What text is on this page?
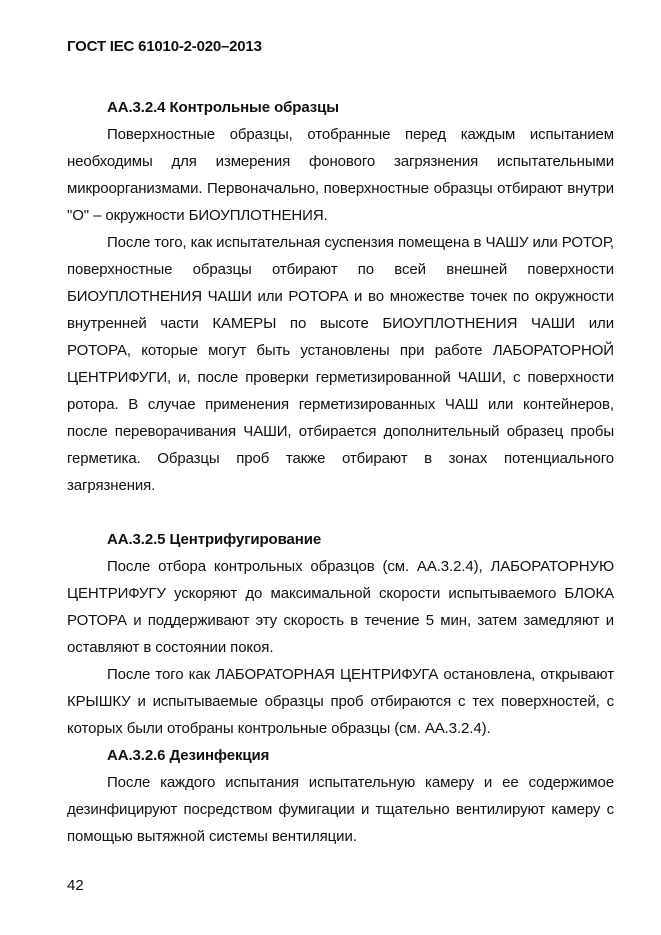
ГОСТ IEC 61010-2-020–2013

АА.3.2.4 Контрольные образцы

Поверхностные образцы, отобранные перед каждым испытанием необходимы для измерения фонового загрязнения испытательными микроорганизмами. Первоначально, поверхностные образцы отбирают внутри "О" – окружности БИОУПЛОТНЕНИЯ.

После того, как испытательная суспензия помещена в ЧАШУ или РОТОР, поверхностные образцы отбирают по всей внешней поверхности БИОУПЛОТНЕНИЯ ЧАШИ или РОТОРА и во множестве точек по окружности внутренней части КАМЕРЫ по высоте БИОУПЛОТНЕНИЯ ЧАШИ или РОТОРА, которые могут быть установлены при работе ЛАБОРАТОРНОЙ ЦЕНТРИФУГИ, и, после проверки герметизированной ЧАШИ, с поверхности ротора. В случае применения герметизированных ЧАШ или контейнеров, после переворачивания ЧАШИ, отбирается дополнительный образец пробы герметика. Образцы проб также отбирают в зонах потенциального загрязнения.

АА.3.2.5 Центрифугирование

После отбора контрольных образцов (см. АА.3.2.4), ЛАБОРАТОРНУЮ ЦЕНТРИФУГУ ускоряют до максимальной скорости испытываемого БЛОКА РОТОРА и поддерживают эту скорость в течение 5 мин, затем замедляют и оставляют в состоянии покоя.

После того как ЛАБОРАТОРНАЯ ЦЕНТРИФУГА остановлена, открывают КРЫШКУ и испытываемые образцы проб отбираются с тех поверхностей, с которых были отобраны контрольные образцы (см. АА.3.2.4).

АА.3.2.6 Дезинфекция

После каждого испытания испытательную камеру и ее содержимое дезинфицируют посредством фумигации и тщательно вентилируют камеру с помощью вытяжной системы вентиляции.

42
